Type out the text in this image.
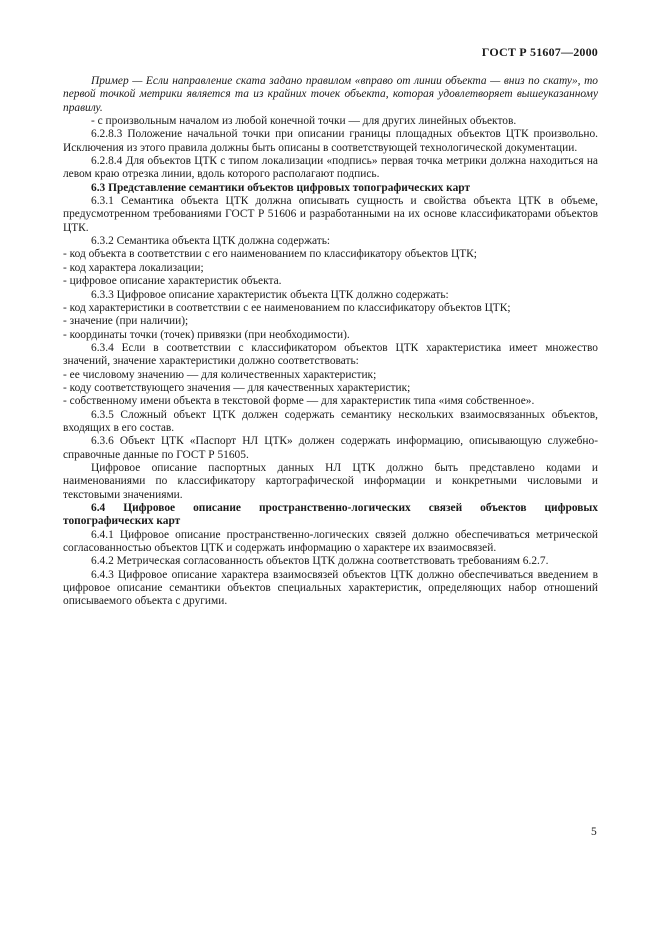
ГОСТ Р 51607—2000

Пример — Если направление ската задано правилом «вправо от линии объекта — вниз по скату», то первой точкой метрики является та из крайних точек объекта, которая удовлетворяет вышеуказанному правилу.

- с произвольным началом из любой конечной точки — для других линейных объектов.

6.2.8.3 Положение начальной точки при описании границы площадных объектов ЦТК произвольно. Исключения из этого правила должны быть описаны в соответствующей технологической документации.

6.2.8.4 Для объектов ЦТК с типом локализации «подпись» первая точка метрики должна находиться на левом краю отрезка линии, вдоль которого располагают подпись.

6.3 Представление семантики объектов цифровых топографических карт

6.3.1 Семантика объекта ЦТК должна описывать сущность и свойства объекта ЦТК в объеме, предусмотренном требованиями ГОСТ Р 51606 и разработанными на их основе классификаторами объектов ЦТК.

6.3.2 Семантика объекта ЦТК должна содержать:

- код объекта в соответствии с его наименованием по классификатору объектов ЦТК;

- код характера локализации;

- цифровое описание характеристик объекта.

6.3.3 Цифровое описание характеристик объекта ЦТК должно содержать:

- код характеристики в соответствии с ее наименованием по классификатору объектов ЦТК;

- значение (при наличии);

- координаты точки (точек) привязки (при необходимости).

6.3.4 Если в соответствии с классификатором объектов ЦТК характеристика имеет множество значений, значение характеристики должно соответствовать:

- ее числовому значению — для количественных характеристик;

- коду соответствующего значения — для качественных характеристик;

- собственному имени объекта в текстовой форме — для характеристик типа «имя собственное».

6.3.5 Сложный объект ЦТК должен содержать семантику нескольких взаимосвязанных объектов, входящих в его состав.

6.3.6 Объект ЦТК «Паспорт НЛ ЦТК» должен содержать информацию, описывающую служебно-справочные данные по ГОСТ Р 51605.

Цифровое описание паспортных данных НЛ ЦТК должно быть представлено кодами и наименованиями по классификатору картографической информации и конкретными числовыми и текстовыми значениями.

6.4 Цифровое описание пространственно-логических связей объектов цифровых топографических карт

6.4.1 Цифровое описание пространственно-логических связей должно обеспечиваться метрической согласованностью объектов ЦТК и содержать информацию о характере их взаимосвязей.

6.4.2 Метрическая согласованность объектов ЦТК должна соответствовать требованиям 6.2.7.

6.4.3 Цифровое описание характера взаимосвязей объектов ЦТК должно обеспечиваться введением в цифровое описание семантики объектов специальных характеристик, определяющих набор отношений описываемого объекта с другими.

5
